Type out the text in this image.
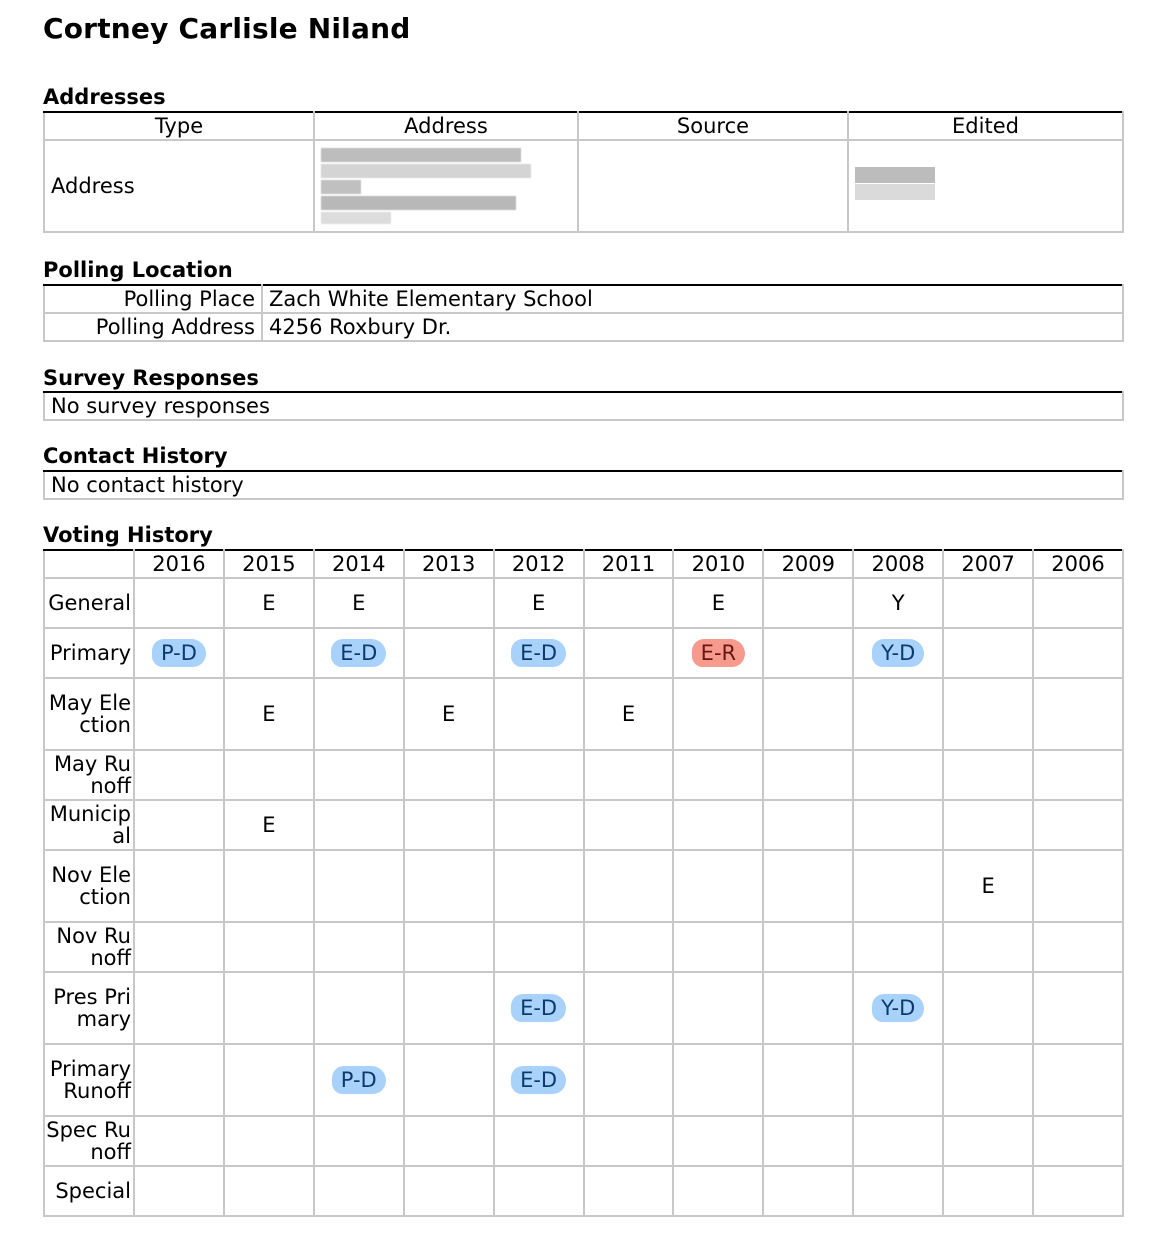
Cortney Carlisle Niland
Addresses
Type	Address	Source	Edited
Address			
Polling Location
Polling Place	Zach White Elementary School
Polling Address	4256 Roxbury Dr.
Survey Responses
No survey responses
Contact History
No contact history
Voting History
	2016	2015	2014	2013	2012	2011	2010	2009	2008	2007	2006
General		E	E		E		E		Y		
Primary	P-D		E-D		E-D		E-R		Y-D		
May Election		E		E		E					
May Runoff											
Municipal		E									
Nov Election										E	
Nov Runoff											
Pres Primary					E-D				Y-D		
Primary Runoff			P-D		E-D						
Spec Runoff											
Special											
